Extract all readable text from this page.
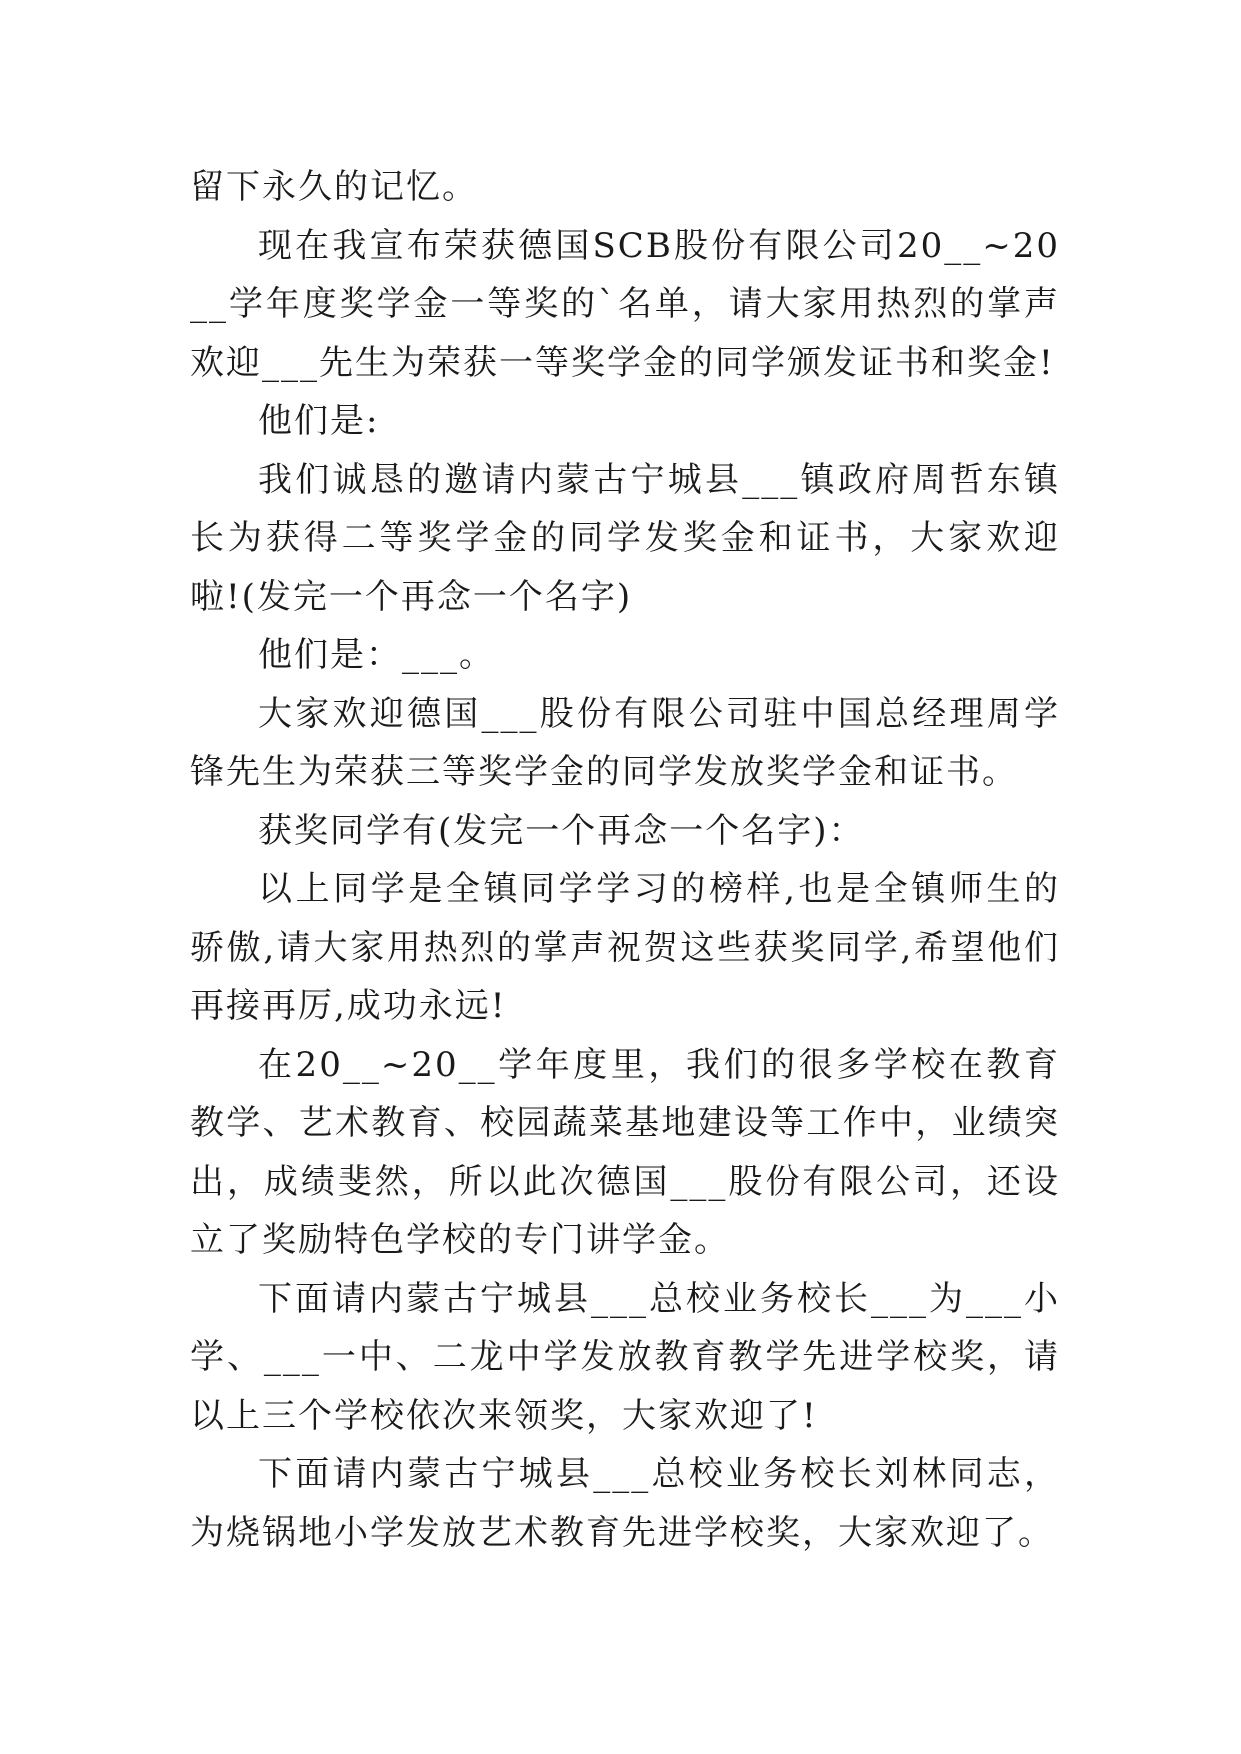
留下永久的记忆。

现在我宣布荣获德国SCB股份有限公司20__~20__学年度奖学金一等奖的`名单，请大家用热烈的掌声欢迎___先生为荣获一等奖学金的同学颁发证书和奖金!

他们是:

我们诚恳的邀请内蒙古宁城县___镇政府周哲东镇长为获得二等奖学金的同学发奖金和证书，大家欢迎啦!(发完一个再念一个名字)

他们是：___。

大家欢迎德国___股份有限公司驻中国总经理周学锋先生为荣获三等奖学金的同学发放奖学金和证书。

获奖同学有(发完一个再念一个名字)：

以上同学是全镇同学学习的榜样,也是全镇师生的骄傲,请大家用热烈的掌声祝贺这些获奖同学,希望他们再接再厉,成功永远!

在20__~20__学年度里，我们的很多学校在教育教学、艺术教育、校园蔬菜基地建设等工作中，业绩突出，成绩斐然，所以此次德国___股份有限公司，还设立了奖励特色学校的专门讲学金。

下面请内蒙古宁城县___总校业务校长___为___小学、___一中、二龙中学发放教育教学先进学校奖，请以上三个学校依次来领奖，大家欢迎了!

下面请内蒙古宁城县___总校业务校长刘林同志，为烧锅地小学发放艺术教育先进学校奖，大家欢迎了。
